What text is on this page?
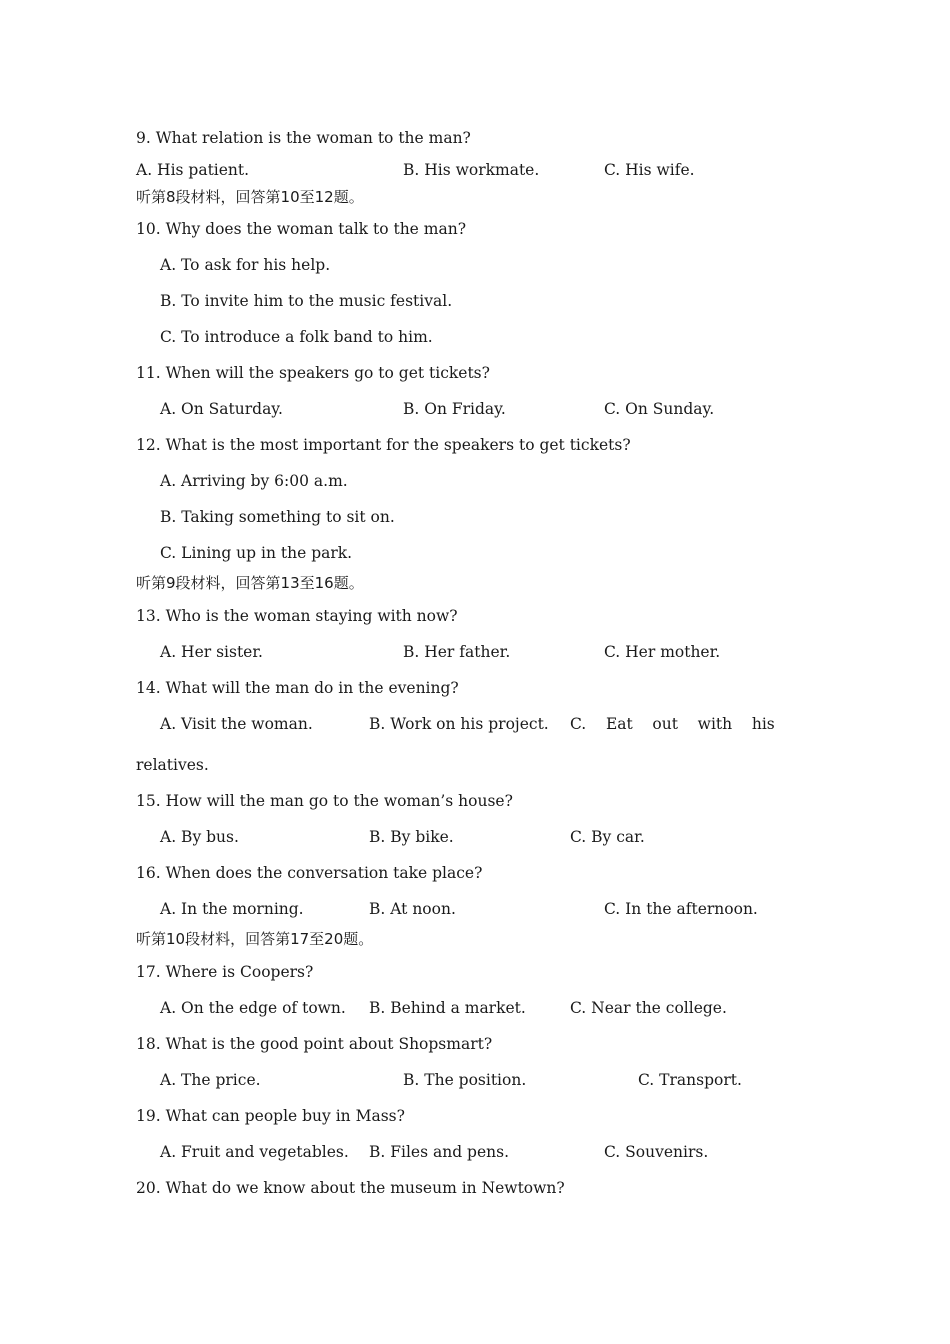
9. What relation is the woman to the man?
A. His patient.	B. His workmate.	C. His wife.
听第8段材料，回答第10至12题。
10. Why does the woman talk to the man?
A. To ask for his help.
B. To invite him to the music festival.
C. To introduce a folk band to him.
11. When will the speakers go to get tickets?
A. On Saturday.	B. On Friday.	C. On Sunday.
12. What is the most important for the speakers to get tickets?
A. Arriving by 6:00 a.m.
B. Taking something to sit on.
C. Lining up in the park.
听第9段材料，回答第13至16题。
13. Who is the woman staying with now?
A. Her sister.	B. Her father.	C. Her mother.
14. What will the man do in the evening?
A. Visit the woman.	B. Work on his project. C.    Eat    out    with    his
relatives.
15. How will the man go to the woman’s house?
A. By bus.	B. By bike.	C. By car.
16. When does the conversation take place?
A. In the morning.	B. At noon.	C. In the afternoon.
听第10段材料，回答第17至20题。
17. Where is Coopers?
A. On the edge of town. B. Behind a market.	C. Near the college.
18. What is the good point about Shopsmart?
A. The price.	B. The position.	C. Transport.
19. What can people buy in Mass?
A. Fruit and vegetables. B. Files and pens.	C. Souvenirs.
20. What do we know about the museum in Newtown?
